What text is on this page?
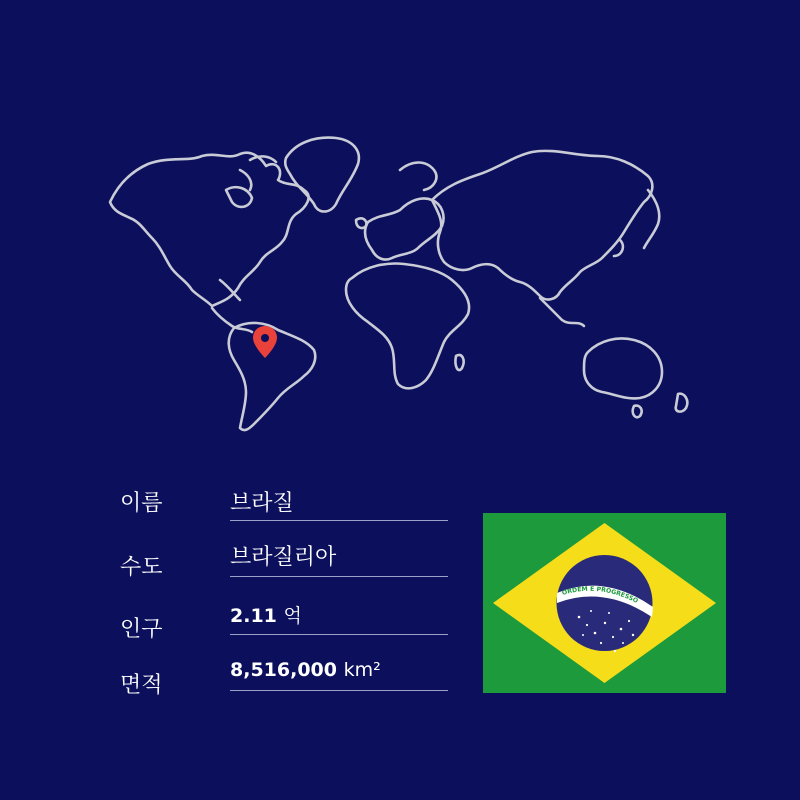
이름	브라질
수도	브라질리아
인구
2.11 억
면적
8,516,000 km²
ORDEM E PROGRESSO
